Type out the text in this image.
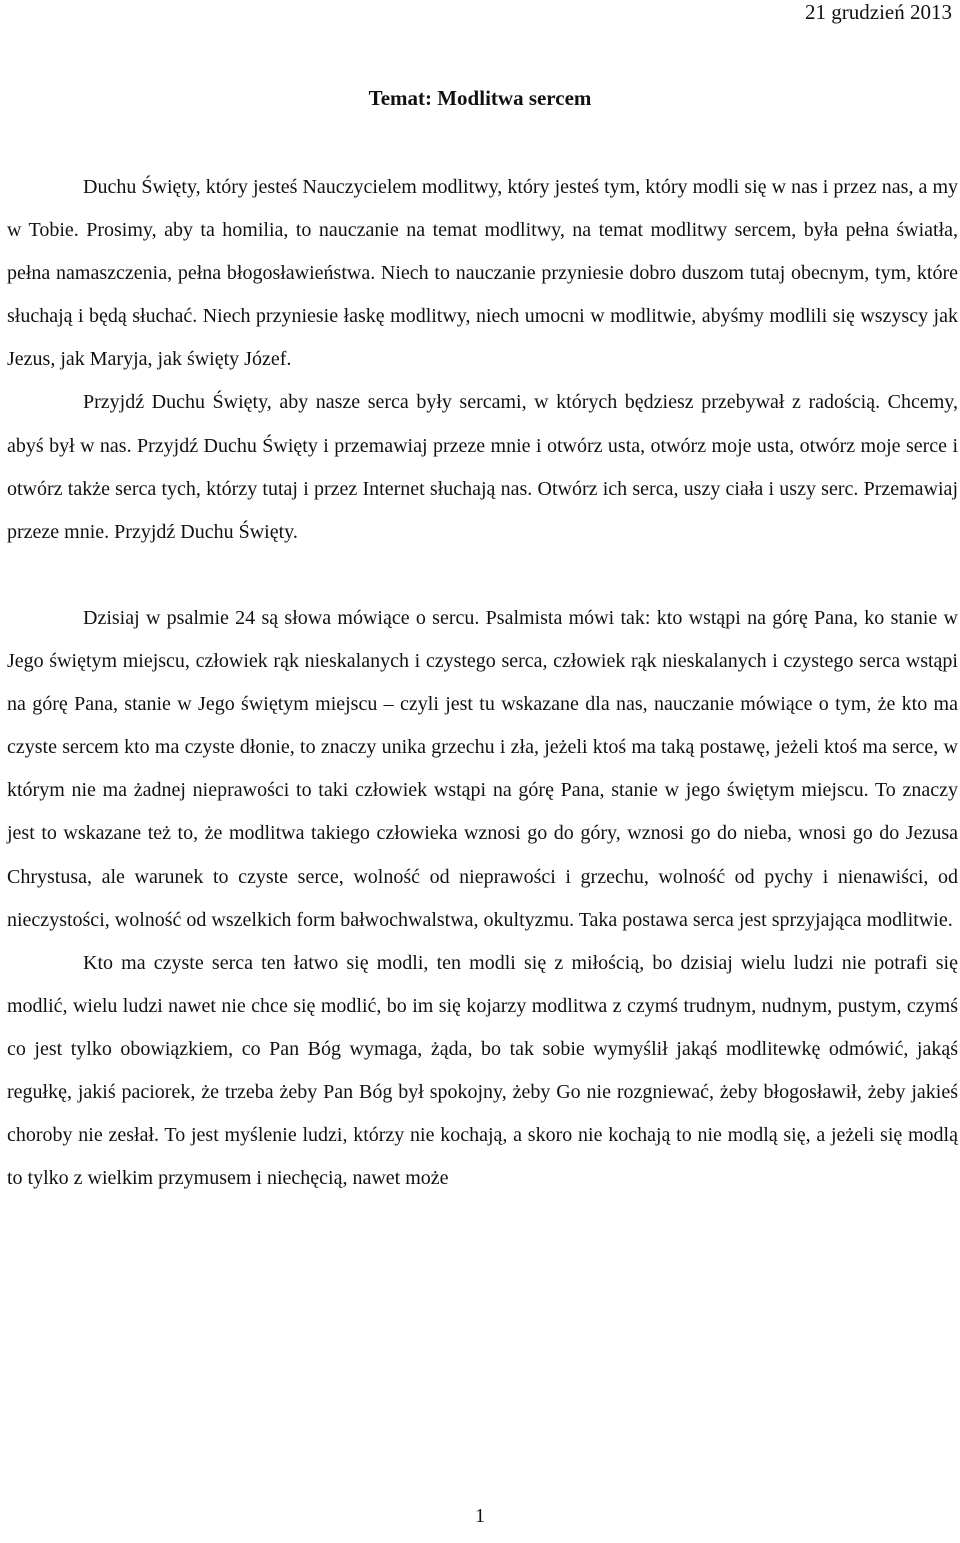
21 grudzień 2013
Temat: Modlitwa sercem

Duchu Święty, który jesteś Nauczycielem modlitwy, który jesteś tym, który modli się w nas i przez nas, a my w Tobie. Prosimy, aby ta homilia, to nauczanie na temat modlitwy, na temat modlitwy sercem, była pełna światła, pełna namaszczenia, pełna błogosławieństwa. Niech to nauczanie przyniesie dobro duszom tutaj obecnym, tym, które słuchają i będą słuchać. Niech przyniesie łaskę modlitwy, niech umocni w modlitwie, abyśmy modlili się wszyscy jak Jezus, jak Maryja, jak święty Józef.

Przyjdź Duchu Święty, aby nasze serca były sercami, w których będziesz przebywał z radością. Chcemy, abyś był w nas. Przyjdź Duchu Święty i przemawiaj przeze mnie i otwórz usta, otwórz moje usta, otwórz moje serce i otwórz także serca tych, którzy tutaj i przez Internet słuchają nas. Otwórz ich serca, uszy ciała i uszy serc. Przemawiaj przeze mnie. Przyjdź Duchu Święty.

Dzisiaj w psalmie 24 są słowa mówiące o sercu. Psalmista mówi tak: kto wstąpi na górę Pana, ko stanie w Jego świętym miejscu, człowiek rąk nieskalanych i czystego serca, człowiek rąk nieskalanych i czystego serca wstąpi na górę Pana, stanie w Jego świętym miejscu – czyli jest tu wskazane dla nas, nauczanie mówiące o tym, że kto ma czyste sercem kto ma czyste dłonie, to znaczy unika grzechu i zła, jeżeli ktoś ma taką postawę, jeżeli ktoś ma serce, w którym nie ma żadnej nieprawości to taki człowiek wstąpi na górę Pana, stanie w jego świętym miejscu. To znaczy jest to wskazane też to, że modlitwa takiego człowieka wznosi go do góry, wznosi go do nieba, wnosi go do Jezusa Chrystusa, ale warunek to czyste serce, wolność od nieprawości i grzechu, wolność od pychy i nienawiści, od nieczystości, wolność od wszelkich form bałwochwalstwa, okultyzmu. Taka postawa serca jest sprzyjająca modlitwie.

Kto ma czyste serca ten łatwo się modli, ten modli się z miłością, bo dzisiaj wielu ludzi nie potrafi się modlić, wielu ludzi nawet nie chce się modlić, bo im się kojarzy modlitwa z czymś trudnym, nudnym, pustym, czymś co jest tylko obowiązkiem, co Pan Bóg wymaga, żąda, bo tak sobie wymyślił jakąś modlitewkę odmówić, jakąś regułkę, jakiś paciorek, że trzeba żeby Pan Bóg był spokojny, żeby Go nie rozgniewać, żeby błogosławił, żeby jakieś choroby nie zesłał. To jest myślenie ludzi, którzy nie kochają, a skoro nie kochają to nie modlą się, a jeżeli się modlą to tylko z wielkim przymusem i niechęcią, nawet może

1
